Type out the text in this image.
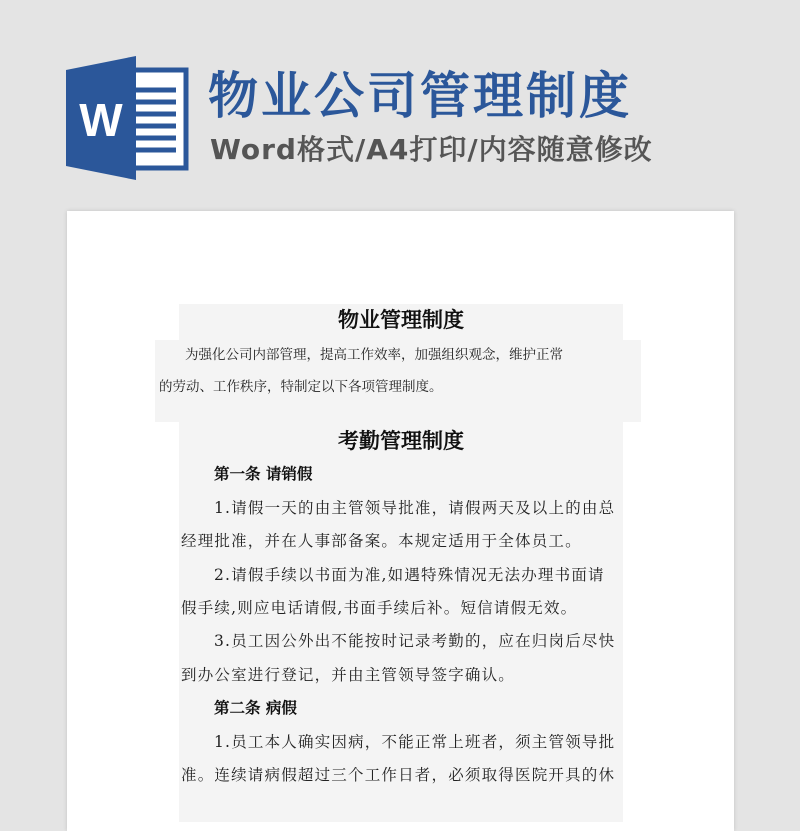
W 物业公司管理制度
Word格式/A4打印/内容随意修改
物业管理制度
为强化公司内部管理，提高工作效率，加强组织观念，维护正常
的劳动、工作秩序，特制定以下各项管理制度。
考勤管理制度
第一条 请销假
1.请假一天的由主管领导批准，请假两天及以上的由总
经理批准，并在人事部备案。本规定适用于全体员工。
2.请假手续以书面为准,如遇特殊情况无法办理书面请
假手续,则应电话请假,书面手续后补。短信请假无效。
3.员工因公外出不能按时记录考勤的，应在归岗后尽快
到办公室进行登记，并由主管领导签字确认。
第二条 病假
1.员工本人确实因病，不能正常上班者，须主管领导批
准。连续请病假超过三个工作日者，必须取得医院开具的休
